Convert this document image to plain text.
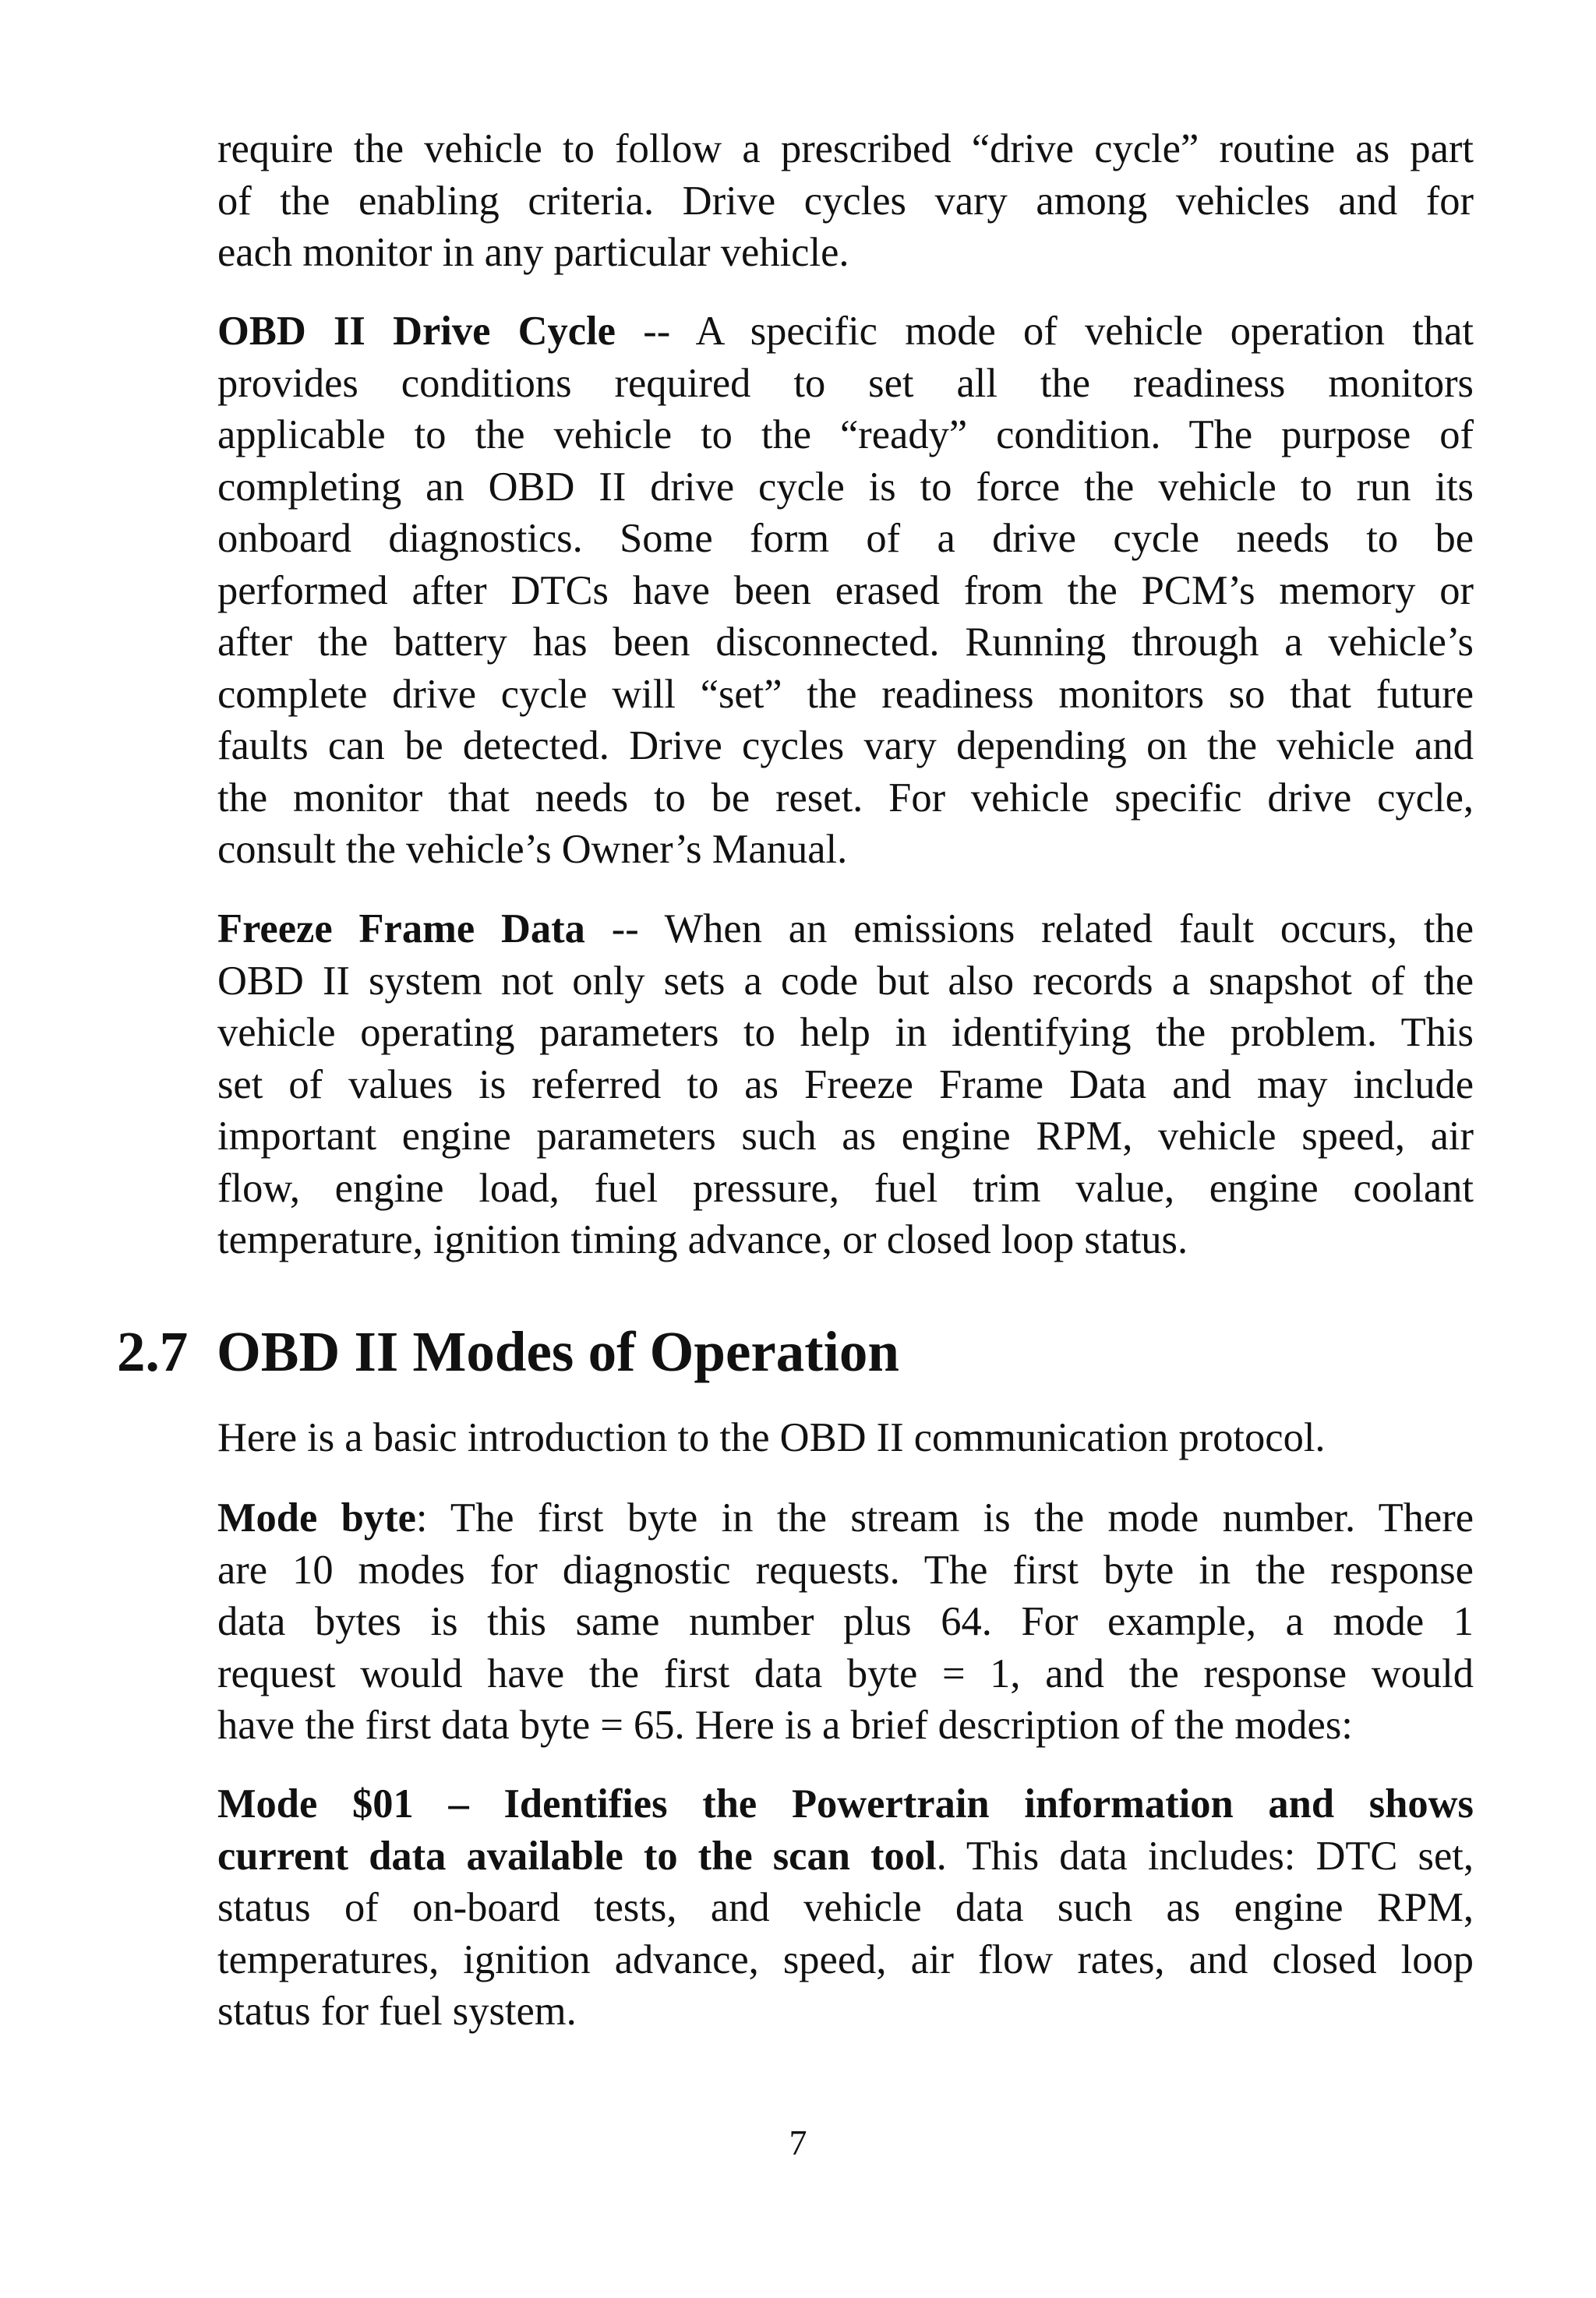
require the vehicle to follow a prescribed “drive cycle” routine as part
of the enabling criteria. Drive cycles vary among vehicles and for
each monitor in any particular vehicle.

OBD II Drive Cycle -- A specific mode of vehicle operation that
provides conditions required to set all the readiness monitors
applicable to the vehicle to the “ready” condition. The purpose of
completing an OBD II drive cycle is to force the vehicle to run its
onboard diagnostics. Some form of a drive cycle needs to be
performed after DTCs have been erased from the PCM’s memory or
after the battery has been disconnected. Running through a vehicle’s
complete drive cycle will “set” the readiness monitors so that future
faults can be detected. Drive cycles vary depending on the vehicle and
the monitor that needs to be reset. For vehicle specific drive cycle,
consult the vehicle’s Owner’s Manual.

Freeze Frame Data -- When an emissions related fault occurs, the
OBD II system not only sets a code but also records a snapshot of the
vehicle operating parameters to help in identifying the problem. This
set of values is referred to as Freeze Frame Data and may include
important engine parameters such as engine RPM, vehicle speed, air
flow, engine load, fuel pressure, fuel trim value, engine coolant
temperature, ignition timing advance, or closed loop status.

2.7 OBD II Modes of Operation

Here is a basic introduction to the OBD II communication protocol.

Mode byte: The first byte in the stream is the mode number. There
are 10 modes for diagnostic requests. The first byte in the response
data bytes is this same number plus 64. For example, a mode 1
request would have the first data byte = 1, and the response would
have the first data byte = 65. Here is a brief description of the modes:

Mode $01 – Identifies the Powertrain information and shows
current data available to the scan tool. This data includes: DTC set,
status of on-board tests, and vehicle data such as engine RPM,
temperatures, ignition advance, speed, air flow rates, and closed loop
status for fuel system.

7
